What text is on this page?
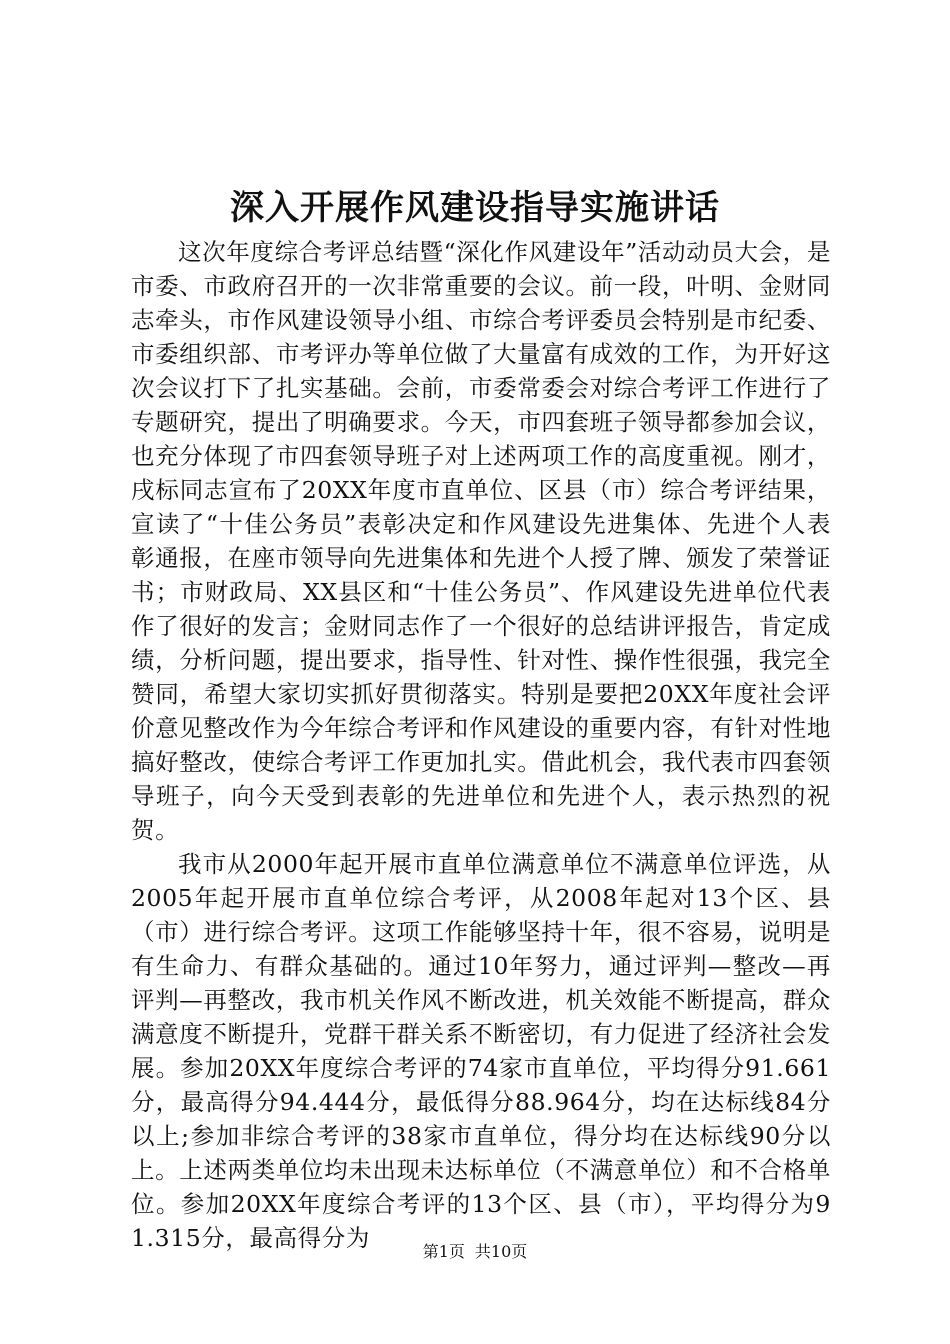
深入开展作风建设指导实施讲话

这次年度综合考评总结暨“深化作风建设年”活动动员大会，是市委、市政府召开的一次非常重要的会议。前一段，叶明、金财同志牵头，市作风建设领导小组、市综合考评委员会特别是市纪委、市委组织部、市考评办等单位做了大量富有成效的工作，为开好这次会议打下了扎实基础。会前，市委常委会对综合考评工作进行了专题研究，提出了明确要求。今天，市四套班子领导都参加会议，也充分体现了市四套领导班子对上述两项工作的高度重视。刚才，戌标同志宣布了20XX年度市直单位、区县（市）综合考评结果，宣读了“十佳公务员”表彰决定和作风建设先进集体、先进个人表彰通报，在座市领导向先进集体和先进个人授了牌、颁发了荣誉证书；市财政局、XX县区和“十佳公务员”、作风建设先进单位代表作了很好的发言；金财同志作了一个很好的总结讲评报告，肯定成绩，分析问题，提出要求，指导性、针对性、操作性很强，我完全赞同，希望大家切实抓好贯彻落实。特别是要把20XX年度社会评价意见整改作为今年综合考评和作风建设的重要内容，有针对性地搞好整改，使综合考评工作更加扎实。借此机会，我代表市四套领导班子，向今天受到表彰的先进单位和先进个人，表示热烈的祝贺。

我市从2000年起开展市直单位满意单位不满意单位评选，从2005年起开展市直单位综合考评，从2008年起对13个区、县（市）进行综合考评。这项工作能够坚持十年，很不容易，说明是有生命力、有群众基础的。通过10年努力，通过评判—整改—再评判—再整改，我市机关作风不断改进，机关效能不断提高，群众满意度不断提升，党群干群关系不断密切，有力促进了经济社会发展。参加20XX年度综合考评的74家市直单位，平均得分91.661分，最高得分94.444分，最低得分88.964分，均在达标线84分以上;参加非综合考评的38家市直单位，得分均在达标线90分以上。上述两类单位均未出现未达标单位（不满意单位）和不合格单位。参加20XX年度综合考评的13个区、县（市），平均得分为91.315分，最高得分为	第1页 共10页
